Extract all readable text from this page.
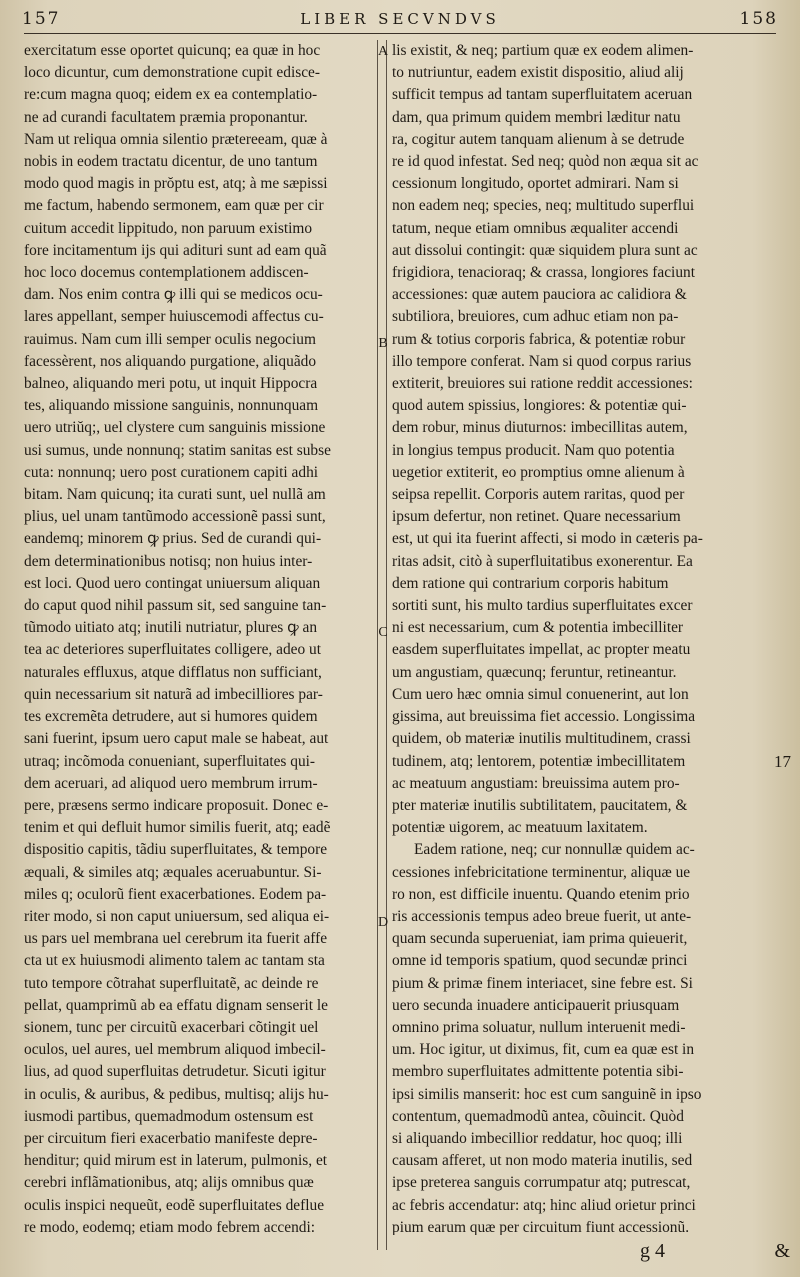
157	LIBER SECVNDVS	158
exercitatum esse oportet quicunq; ea quæ in hoc
loco dicuntur, cum demonstratione cupit edisce-
re:cum magna quoq; eidem ex ea contemplatio-
ne ad curandi facultatem præmia proponantur.
Nam ut reliqua omnia silentio prætereeam, quæ à
nobis in eodem tractatu dicentur, de uno tantum
modo quod magis in prŏptu est, atq; à me sæpissi
me factum, habendo sermonem, eam quæ per cir
cuitum accedit lippitudo, non paruum existimo
fore incitamentum ijs qui adituri sunt ad eam quã
hoc loco docemus contemplationem addiscen-
dam. Nos enim contra ꝙ illi qui se medicos ocu-
lares appellant, semper huiuscemodi affectus cu-
rauimus. Nam cum illi semper oculis negocium
facessèrent, nos aliquando purgatione, aliquãdo
balneo, aliquando meri potu, ut inquit Hippocra
tes, aliquando missione sanguinis, nonnunquam
uero utriŭq;, uel clystere cum sanguinis missione
usi sumus, unde nonnunq; statim sanitas est subse
cuta: nonnunq; uero post curationem capiti adhi
bitam. Nam quicunq; ita curati sunt, uel nullã am
plius, uel unam tantũmodo accessionẽ passi sunt,
eandemq; minorem ꝙ prius. Sed de curandi qui-
dem determinationibus notisq; non huius inter-
est loci. Quod uero contingat uniuersum aliquan
do caput quod nihil passum sit, sed sanguine tan-
tũmodo uitiato atq; inutili nutriatur, plures ꝙ an
tea ac deteriores superfluitates colligere, adeo ut
naturales effluxus, atque difflatus non sufficiant,
quin necessarium sit naturã ad imbecilliores par-
tes excremẽta detrudere, aut si humores quidem
sani fuerint, ipsum uero caput male se habeat, aut
utraq; incõmoda conueniant, superfluitates qui-
dem aceruari, ad aliquod uero membrum irrum-
pere, præsens sermo indicare proposuit. Donec e-
tenim et qui defluit humor similis fuerit, atq; eadẽ
dispositio capitis, tãdiu superfluitates, & tempore
æquali, & similes atq; æquales aceruabuntur. Si-
miles q; oculorũ fient exacerbationes. Eodem pa-
riter modo, si non caput uniuersum, sed aliqua ei-
us pars uel membrana uel cerebrum ita fuerit affe
cta ut ex huiusmodi alimento talem ac tantam sta
tuto tempore cõtrahat superfluitatẽ, ac deinde re
pellat, quamprimũ ab ea effatu dignam senserit le
sionem, tunc per circuitũ exacerbari cõtingit uel
oculos, uel aures, uel membrum aliquod imbecil-
lius, ad quod superfluitas detrudetur. Sicuti igitur
in oculis, & auribus, & pedibus, multisq; alijs hu-
iusmodi partibus, quemadmodum ostensum est
per circuitum fieri exacerbatio manifeste depre-
henditur; quid mirum est in laterum, pulmonis, et
cerebri inflãmationibus, atq; alijs omnibus quæ
oculis inspici nequeũt, eodẽ superfluitates deflue
re modo, eodemq; etiam modo febrem accendi:
lis existit, & neq; partium quæ ex eodem alimen-
to nutriuntur, eadem existit dispositio, aliud alij
sufficit tempus ad tantam superfluitatem aceruan
dam, qua primum quidem membri læditur natu
ra, cogitur autem tanquam alienum à se detrude
re id quod infestat. Sed neq; quòd non æqua sit ac
cessionum longitudo, oportet admirari. Nam si
non eadem neq; species, neq; multitudo superflui
tatum, neque etiam omnibus æqualiter accendi
aut dissolui contingit: quæ siquidem plura sunt ac
frigidiora, tenacioraq; & crassa, longiores faciunt
accessiones: quæ autem pauciora ac calidiora &
subtiliora, breuiores, cum adhuc etiam non pa-
rum & totius corporis fabrica, & potentiæ robur
illo tempore conferat. Nam si quod corpus rarius
extiterit, breuiores sui ratione reddit accessiones:
quod autem spissius, longiores: & potentiæ qui-
dem robur, minus diuturnos: imbecillitas autem,
in longius tempus producit. Nam quo potentia
uegetior extiterit, eo promptius omne alienum à
seipsa repellit. Corporis autem raritas, quod per
ipsum defertur, non retinet. Quare necessarium
est, ut qui ita fuerint affecti, si modo in cæteris pa-
ritas adsit, citò à superfluitatibus exonerentur. Ea
dem ratione qui contrarium corporis habitum
sortiti sunt, his multo tardius superfluitates excer
ni est necessarium, cum & potentia imbecilliter
easdem superfluitates impellat, ac propter meatu
um angustiam, quæcunq; feruntur, retineantur.
Cum uero hæc omnia simul conuenerint, aut lon
gissima, aut breuissima fiet accessio. Longissima
quidem, ob materiæ inutilis multitudinem, crassi
tudinem, atq; lentorem, potentiæ imbecillitatem
ac meatuum angustiam: breuissima autem pro-
pter materiæ inutilis subtilitatem, paucitatem, &
potentiæ uigorem, ac meatuum laxitatem.
Eadem ratione, neq; cur nonnullæ quidem ac-
cessiones infebricitatione terminentur, aliquæ ue
ro non, est difficile inuentu. Quando etenim prio
ris accessionis tempus adeo breue fuerit, ut ante-
quam secunda superueniat, iam prima quieuerit,
omne id temporis spatium, quod secundæ princi
pium & primæ finem interiacet, sine febre est. Si
uero secunda inuadere anticipauerit priusquam
omnino prima soluatur, nullum interuenit medi-
um. Hoc igitur, ut diximus, fit, cum ea quæ est in
membro superfluitates admittente potentia sibi-
ipsi similis manserit: hoc est cum sanguinẽ in ipso
contentum, quemadmodũ antea, cõuincit. Quòd
si aliquando imbecillior reddatur, hoc quoq; illi
causam afferet, ut non modo materia inutilis, sed
ipse preterea sanguis corrumpatur atq; putrescat,
ac febris accendatur: atq; hinc aliud orietur princi
pium earum quæ per circuitum fiunt accessionũ.
A
B
C
D
17
g 4	&
